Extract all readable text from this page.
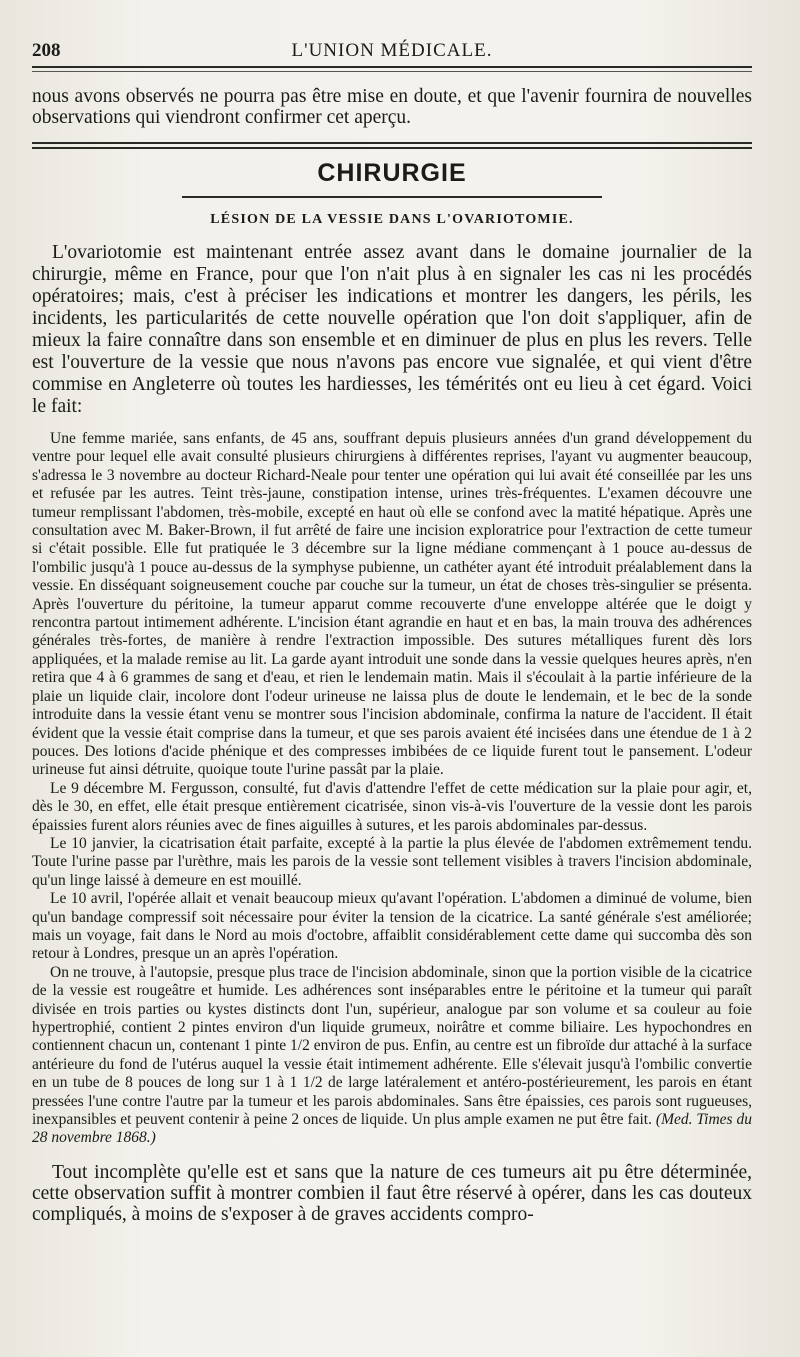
208	L'UNION MÉDICALE.

nous avons observés ne pourra pas être mise en doute, et que l'avenir fournira de nouvelles observations qui viendront confirmer cet aperçu.

CHIRURGIE
LÉSION DE LA VESSIE DANS L'OVARIOTOMIE.

L'ovariotomie est maintenant entrée assez avant dans le domaine journalier de la chirurgie, même en France, pour que l'on n'ait plus à en signaler les cas ni les procédés opératoires; mais, c'est à préciser les indications et montrer les dangers, les périls, les incidents, les particularités de cette nouvelle opération que l'on doit s'appliquer, afin de mieux la faire connaître dans son ensemble et en diminuer de plus en plus les revers. Telle est l'ouverture de la vessie que nous n'avons pas encore vue signalée, et qui vient d'être commise en Angleterre où toutes les hardiesses, les témérités ont eu lieu à cet égard. Voici le fait:

Une femme mariée, sans enfants, de 45 ans, souffrant depuis plusieurs années d'un grand développement du ventre pour lequel elle avait consulté plusieurs chirurgiens à différentes reprises, l'ayant vu augmenter beaucoup, s'adressa le 3 novembre au docteur Richard-Neale pour tenter une opération qui lui avait été conseillée par les uns et refusée par les autres. Teint très-jaune, constipation intense, urines très-fréquentes. L'examen découvre une tumeur remplissant l'abdomen, très-mobile, excepté en haut où elle se confond avec la matité hépatique. Après une consultation avec M. Baker-Brown, il fut arrêté de faire une incision exploratrice pour l'extraction de cette tumeur si c'était possible. Elle fut pratiquée le 3 décembre sur la ligne médiane commençant à 1 pouce au-dessus de l'ombilic jusqu'à 1 pouce au-dessus de la symphyse pubienne, un cathéter ayant été introduit préalablement dans la vessie. En disséquant soigneusement couche par couche sur la tumeur, un état de choses très-singulier se présenta. Après l'ouverture du péritoine, la tumeur apparut comme recouverte d'une enveloppe altérée que le doigt y rencontra partout intimement adhérente. L'incision étant agrandie en haut et en bas, la main trouva des adhérences générales très-fortes, de manière à rendre l'extraction impossible. Des sutures métalliques furent dès lors appliquées, et la malade remise au lit. La garde ayant introduit une sonde dans la vessie quelques heures après, n'en retira que 4 à 6 grammes de sang et d'eau, et rien le lendemain matin. Mais il s'écoulait à la partie inférieure de la plaie un liquide clair, incolore dont l'odeur urineuse ne laissa plus de doute le lendemain, et le bec de la sonde introduite dans la vessie étant venu se montrer sous l'incision abdominale, confirma la nature de l'accident. Il était évident que la vessie était comprise dans la tumeur, et que ses parois avaient été incisées dans une étendue de 1 à 2 pouces. Des lotions d'acide phénique et des compresses imbibées de ce liquide furent tout le pansement. L'odeur urineuse fut ainsi détruite, quoique toute l'urine passât par la plaie.

Le 9 décembre M. Fergusson, consulté, fut d'avis d'attendre l'effet de cette médication sur la plaie pour agir, et, dès le 30, en effet, elle était presque entièrement cicatrisée, sinon vis-à-vis l'ouverture de la vessie dont les parois épaissies furent alors réunies avec de fines aiguilles à sutures, et les parois abdominales par-dessus.

Le 10 janvier, la cicatrisation était parfaite, excepté à la partie la plus élevée de l'abdomen extrêmement tendu. Toute l'urine passe par l'urèthre, mais les parois de la vessie sont tellement visibles à travers l'incision abdominale, qu'un linge laissé à demeure en est mouillé.

Le 10 avril, l'opérée allait et venait beaucoup mieux qu'avant l'opération. L'abdomen a diminué de volume, bien qu'un bandage compressif soit nécessaire pour éviter la tension de la cicatrice. La santé générale s'est améliorée; mais un voyage, fait dans le Nord au mois d'octobre, affaiblit considérablement cette dame qui succomba dès son retour à Londres, presque un an après l'opération.

On ne trouve, à l'autopsie, presque plus trace de l'incision abdominale, sinon que la portion visible de la cicatrice de la vessie est rougeâtre et humide. Les adhérences sont inséparables entre le péritoine et la tumeur qui paraît divisée en trois parties ou kystes distincts dont l'un, supérieur, analogue par son volume et sa couleur au foie hypertrophié, contient 2 pintes environ d'un liquide grumeux, noirâtre et comme biliaire. Les hypochondres en contiennent chacun un, contenant 1 pinte 1/2 environ de pus. Enfin, au centre est un fibroïde dur attaché à la surface antérieure du fond de l'utérus auquel la vessie était intimement adhérente. Elle s'élevait jusqu'à l'ombilic convertie en un tube de 8 pouces de long sur 1 à 1 1/2 de large latéralement et antéro-postérieurement, les parois en étant pressées l'une contre l'autre par la tumeur et les parois abdominales. Sans être épaissies, ces parois sont rugueuses, inexpansibles et peuvent contenir à peine 2 onces de liquide. Un plus ample examen ne put être fait. (Med. Times du 28 novembre 1868.)

Tout incomplète qu'elle est et sans que la nature de ces tumeurs ait pu être déterminée, cette observation suffit à montrer combien il faut être réservé à opérer, dans les cas douteux compliqués, à moins de s'exposer à de graves accidents compro-
